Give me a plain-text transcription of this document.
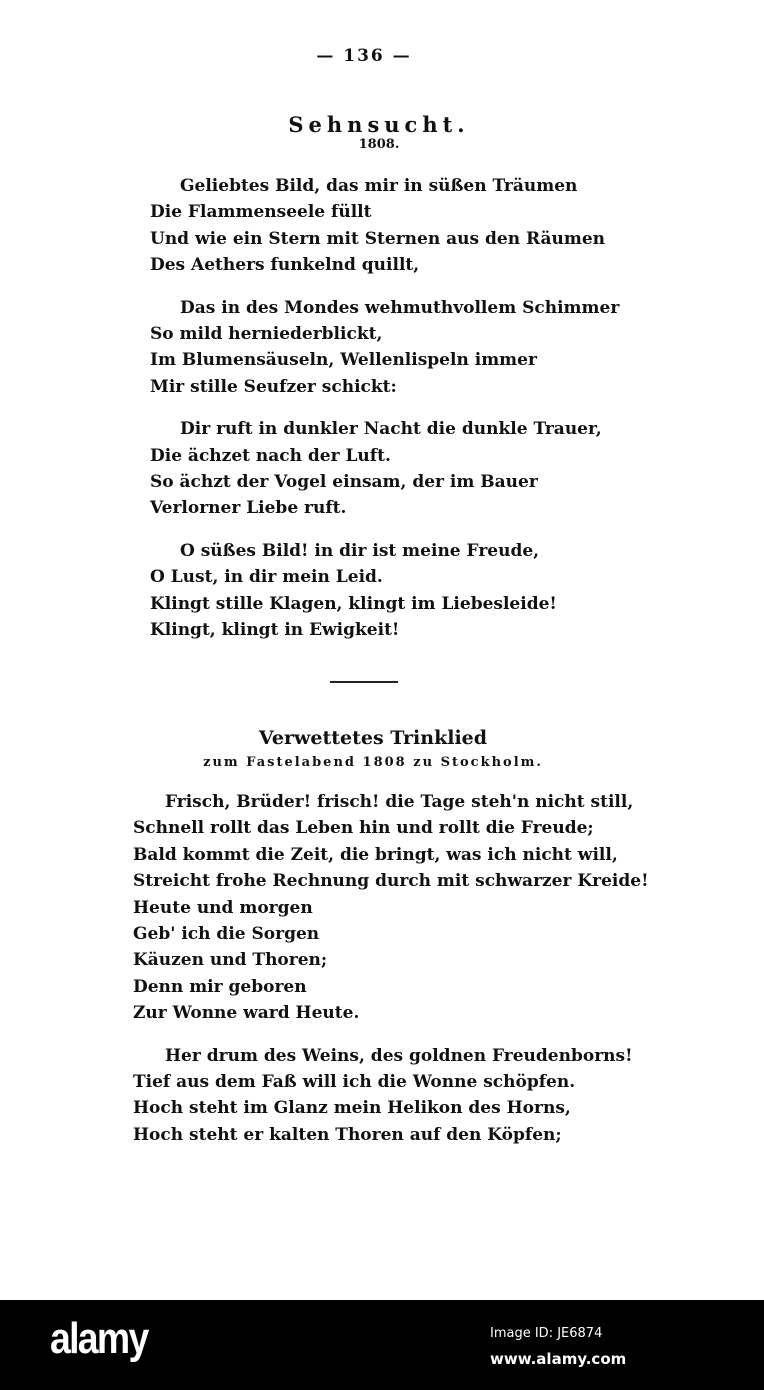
— 136 —
Sehnsucht.
1808.
Geliebtes Bild, das mir in süßen Träumen
Die Flammenseele füllt
Und wie ein Stern mit Sternen aus den Räumen
Des Aethers funkelnd quillt,
Das in des Mondes wehmuthvollem Schimmer
So mild herniederblickt,
Im Blumensäuseln, Wellenlispeln immer
Mir stille Seufzer schickt:
Dir ruft in dunkler Nacht die dunkle Trauer,
Die ächzet nach der Luft.
So ächzt der Vogel einsam, der im Bauer
Verlorner Liebe ruft.
O süßes Bild! in dir ist meine Freude,
O Lust, in dir mein Leid.
Klingt stille Klagen, klingt im Liebesleide!
Klingt, klingt in Ewigkeit!
Verwettetes Trinklied
zum Fastelabend 1808 zu Stockholm.
Frisch, Brüder! frisch! die Tage steh'n nicht still,
Schnell rollt das Leben hin und rollt die Freude;
Bald kommt die Zeit, die bringt, was ich nicht will,
Streicht frohe Rechnung durch mit schwarzer Kreide!
Heute und morgen
Geb' ich die Sorgen
Käuzen und Thoren;
Denn mir geboren
Zur Wonne ward Heute.
Her drum des Weins, des goldnen Freudenborns!
Tief aus dem Faß will ich die Wonne schöpfen.
Hoch steht im Glanz mein Helikon des Horns,
Hoch steht er kalten Thoren auf den Köpfen;
alamy	Image ID: JE6874
www.alamy.com
